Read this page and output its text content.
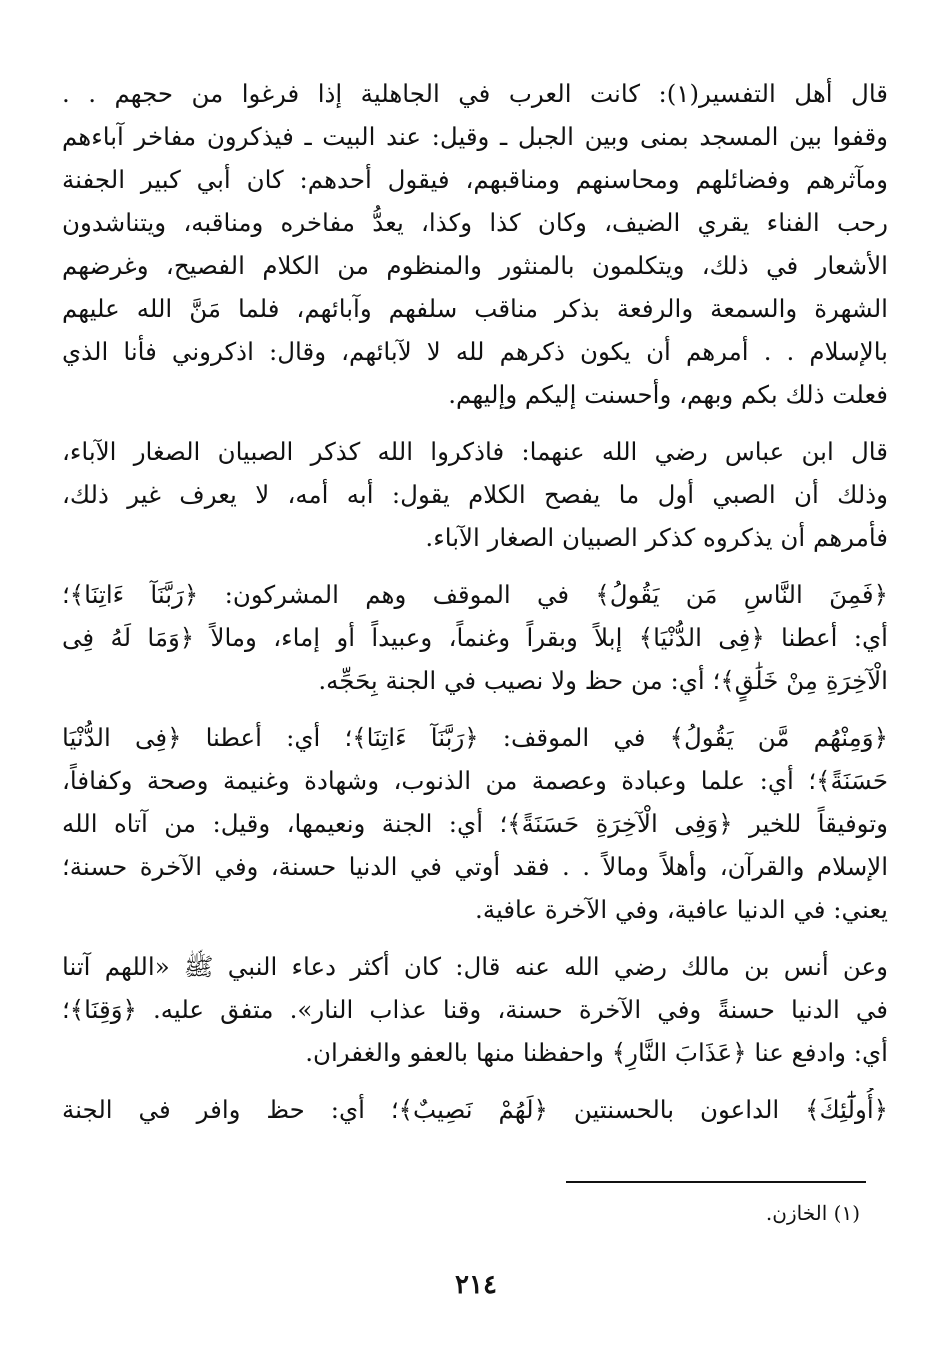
قال أهل التفسير(١): كانت العرب في الجاهلية إذا فرغوا من حجهم . .
وقفوا بين المسجد بمنى وبين الجبل ـ وقيل: عند البيت ـ فيذكرون مفاخر آباءهم
ومآثرهم وفضائلهم ومحاسنهم ومناقبهم، فيقول أحدهم: كان أبي كبير الجفنة
رحب الفناء يقري الضيف، وكان كذا وكذا، يعدُّ مفاخره ومناقبه، ويتناشدون
الأشعار في ذلك، ويتكلمون بالمنثور والمنظوم من الكلام الفصيح، وغرضهم
الشهرة والسمعة والرفعة بذكر مناقب سلفهم وآبائهم، فلما مَنَّ الله عليهم
بالإسلام . . أمرهم أن يكون ذكرهم لله لا لآبائهم، وقال: اذكروني فأنا الذي
فعلت ذلك بكم وبهم، وأحسنت إليكم وإليهم.
قال ابن عباس رضي الله عنهما: فاذكروا الله كذكر الصبيان الصغار الآباء،
وذلك أن الصبي أول ما يفصح الكلام يقول: أبه أمه، لا يعرف غير ذلك،
فأمرهم أن يذكروه كذكر الصبيان الصغار الآباء.
﴿فَمِنَ النَّاسِ مَن يَقُولُ﴾ في الموقف وهم المشركون: ﴿رَبَّنَآ ءَاتِنَا﴾؛
أي: أعطنا ﴿فِى الدُّنْيَا﴾ إبلاً وبقراً وغنماً، وعبيداً أو إماء، ومالاً ﴿وَمَا لَهُ فِى
الْآخِرَةِ مِنْ خَلَٰقٍ﴾؛ أي: من حظ ولا نصيب في الجنة بِحَجِّه.
﴿وَمِنْهُم مَّن يَقُولُ﴾ في الموقف: ﴿رَبَّنَآ ءَاتِنَا﴾؛ أي: أعطنا ﴿فِى الدُّنْيَا
حَسَنَةً﴾؛ أي: علما وعبادة وعصمة من الذنوب، وشهادة وغنيمة وصحة وكفافاً،
وتوفيقاً للخير ﴿وَفِى الْآخِرَةِ حَسَنَةً﴾؛ أي: الجنة ونعيمها، وقيل: من آتاه الله
الإسلام والقرآن، وأهلاً ومالاً . . فقد أوتي في الدنيا حسنة، وفي الآخرة حسنة؛
يعني: في الدنيا عافية، وفي الآخرة عافية.
وعن أنس بن مالك رضي الله عنه قال: كان أكثر دعاء النبي ﷺ «اللهم آتنا
في الدنيا حسنةً وفي الآخرة حسنة، وقنا عذاب النار». متفق عليه. ﴿وَقِنَا﴾؛
أي: وادفع عنا ﴿عَذَابَ النَّارِ﴾ واحفظنا منها بالعفو والغفران.
﴿أُولَٰٓئِكَ﴾ الداعون بالحسنتين ﴿لَهُمْ نَصِيبٌ﴾؛ أي: حظ وافر في الجنة
(١) الخازن.
٢١٤
